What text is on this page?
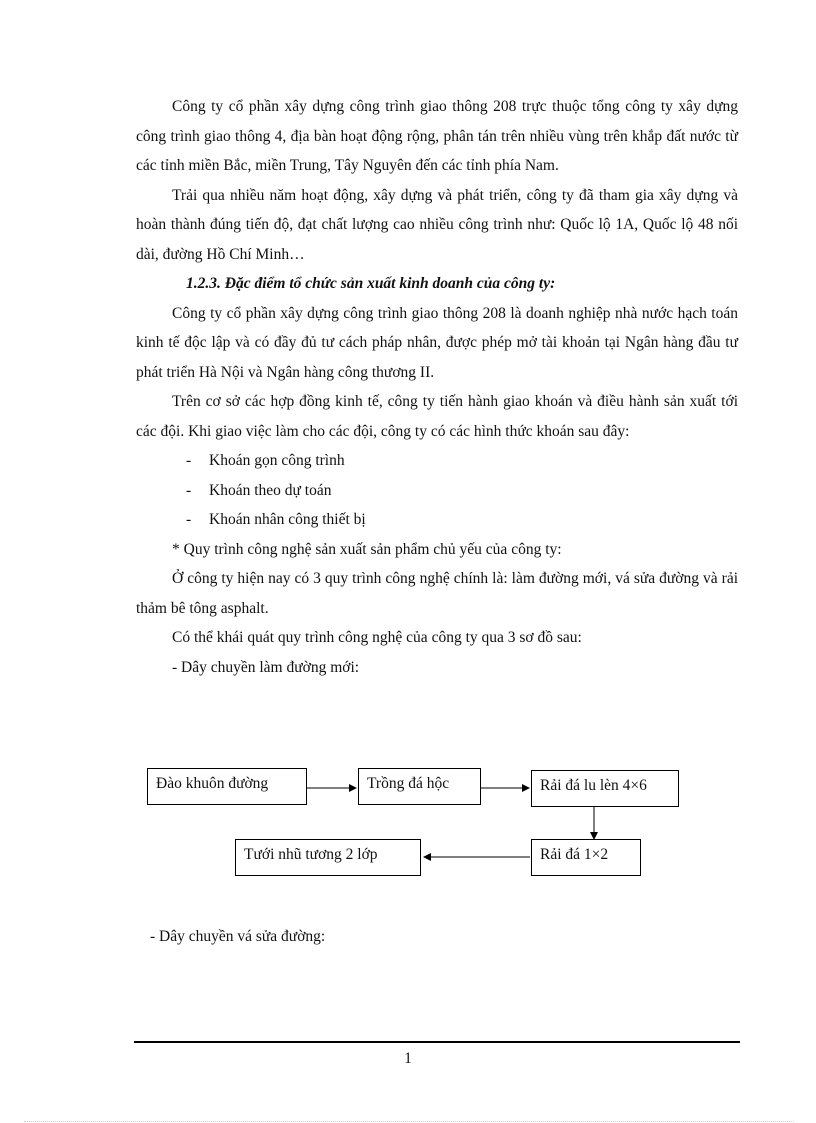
Công ty cổ phần xây dựng công trình giao thông 208 trực thuộc tổng công ty xây dựng công trình giao thông 4, địa bàn hoạt động rộng, phân tán trên nhiều vùng trên khắp đất nước từ các tỉnh miền Bắc, miền Trung, Tây Nguyên đến các tỉnh phía Nam.

Trải qua nhiều năm hoạt động, xây dựng và phát triển, công ty đã tham gia xây dựng và hoàn thành đúng tiến độ, đạt chất lượng cao nhiều công trình như: Quốc lộ 1A, Quốc lộ 48 nối dài, đường Hồ Chí Minh…

1.2.3. Đặc điểm tổ chức sản xuất kinh doanh của công ty:

Công ty cổ phần xây dựng công trình giao thông 208 là doanh nghiệp nhà nước hạch toán kinh tế độc lập và có đầy đủ tư cách pháp nhân, được phép mở tài khoản tại Ngân hàng đầu tư phát triển Hà Nội và Ngân hàng công thương II.

Trên cơ sở các hợp đồng kinh tế, công ty tiến hành giao khoán và điều hành sản xuất tới các đội. Khi giao việc làm cho các đội, công ty có các hình thức khoán sau đây:

- Khoán gọn công trình
- Khoán theo dự toán
- Khoán nhân công thiết bị

* Quy trình công nghệ sản xuất sản phẩm chủ yếu của công ty:

Ở công ty hiện nay có 3 quy trình công nghệ chính là: làm đường mới, vá sửa đường và rải thảm bê tông asphalt.

Có thể khái quát quy trình công nghệ của công ty qua 3 sơ đồ sau:

- Dây chuyền làm đường mới:

Đào khuôn đường	Trồng đá hộc	Rải đá lu lèn 4×6
Rải đá 1×2
Tưới nhũ tương 2 lớp

- Dây chuyền vá sửa đường:

1
